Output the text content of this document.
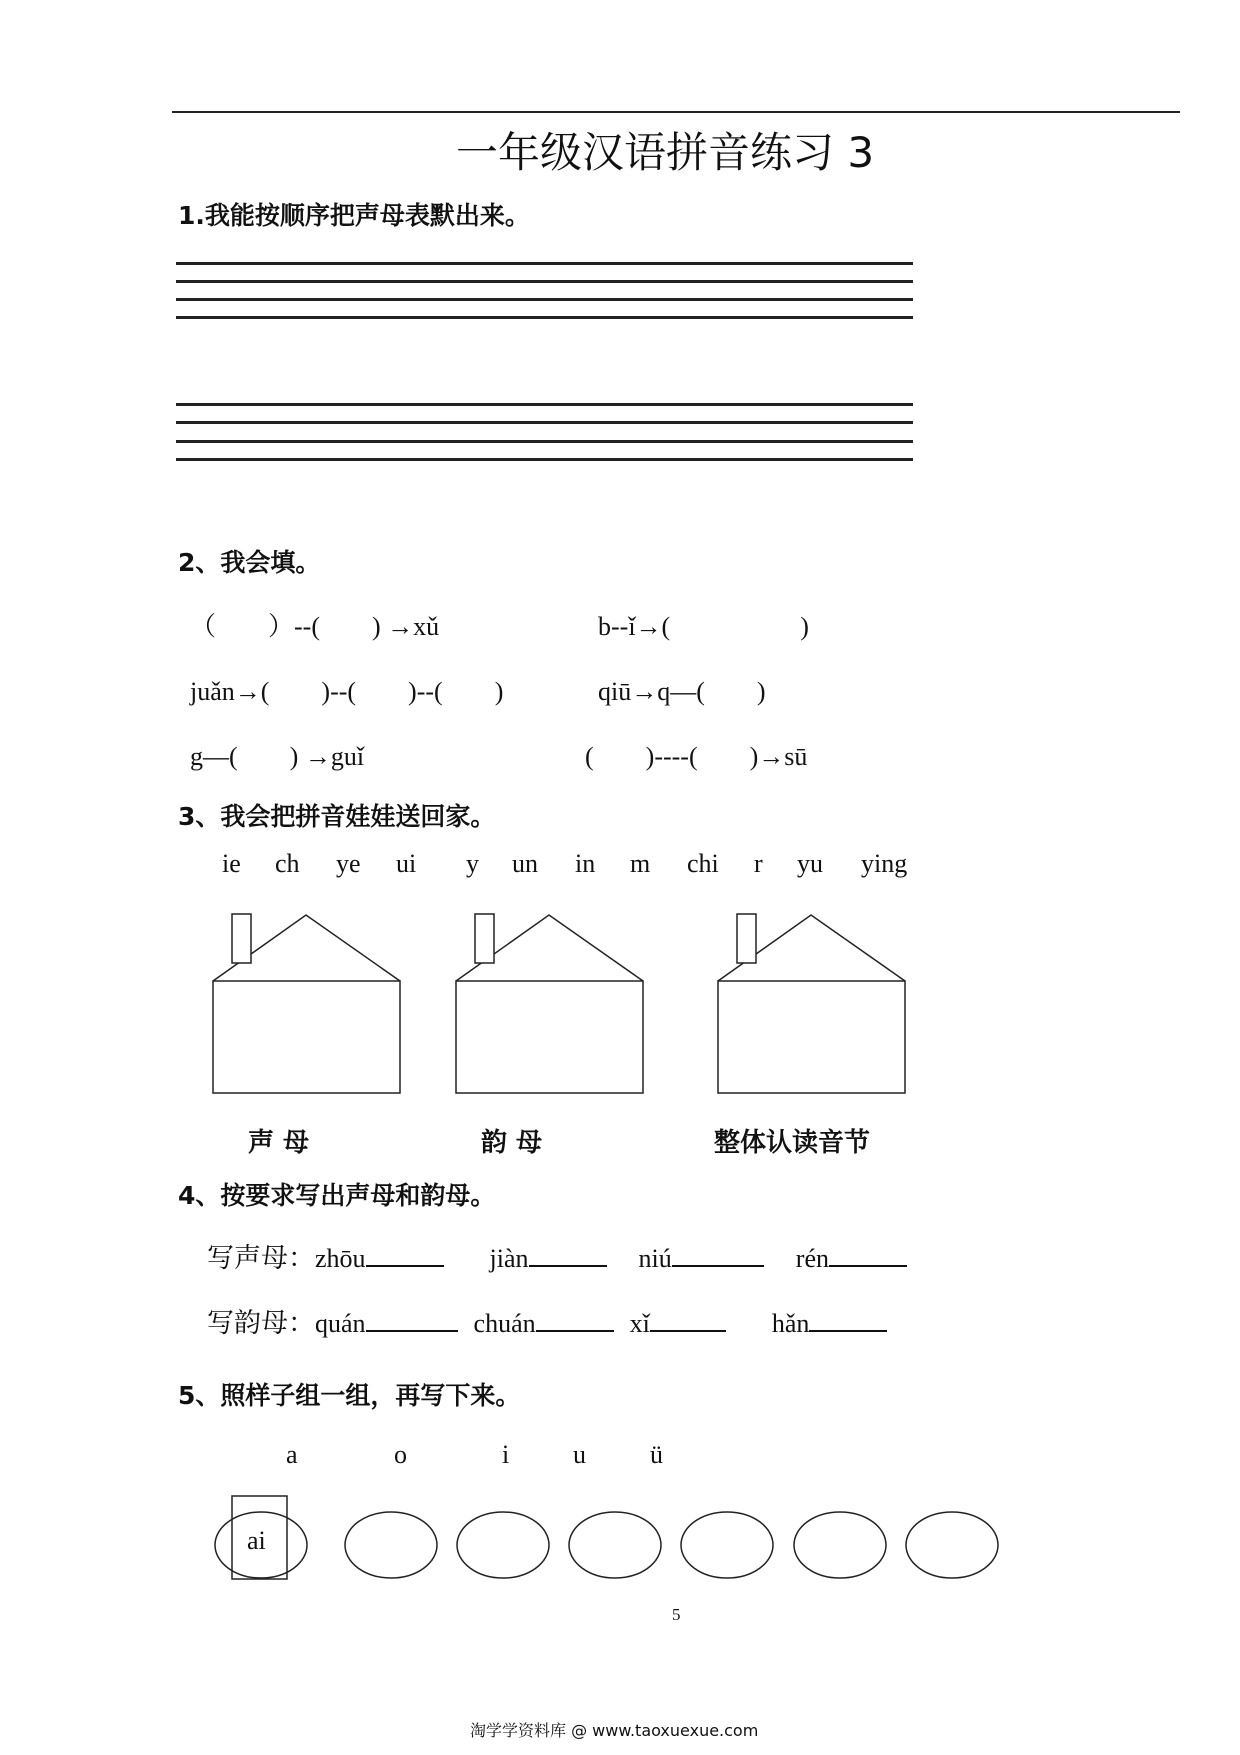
一年级汉语拼音练习 3
1.我能按顺序把声母表默出来。
2、我会填。
（　　）--(　　) →xǔ	b--ǐ→(　　　　　)
juǎn→(　　)--(　　)--(　　)	qiū→q—(　　)
g—(　　) →guǐ	(　　)----(　　)→sū
3、我会把拼音娃娃送回家。
ie ch ye ui y un in m chi r yu ying
声 母	韵 母	整体认读音节
4、按要求写出声母和韵母。
写声母：zhōu	jiàn	niú	rén
写韵母：quán	chuán	xǐ	hǎn
5、照样子组一组，再写下来。
a	o	i u ü
ai
5
淘学学资料库 @ www.taoxuexue.com
